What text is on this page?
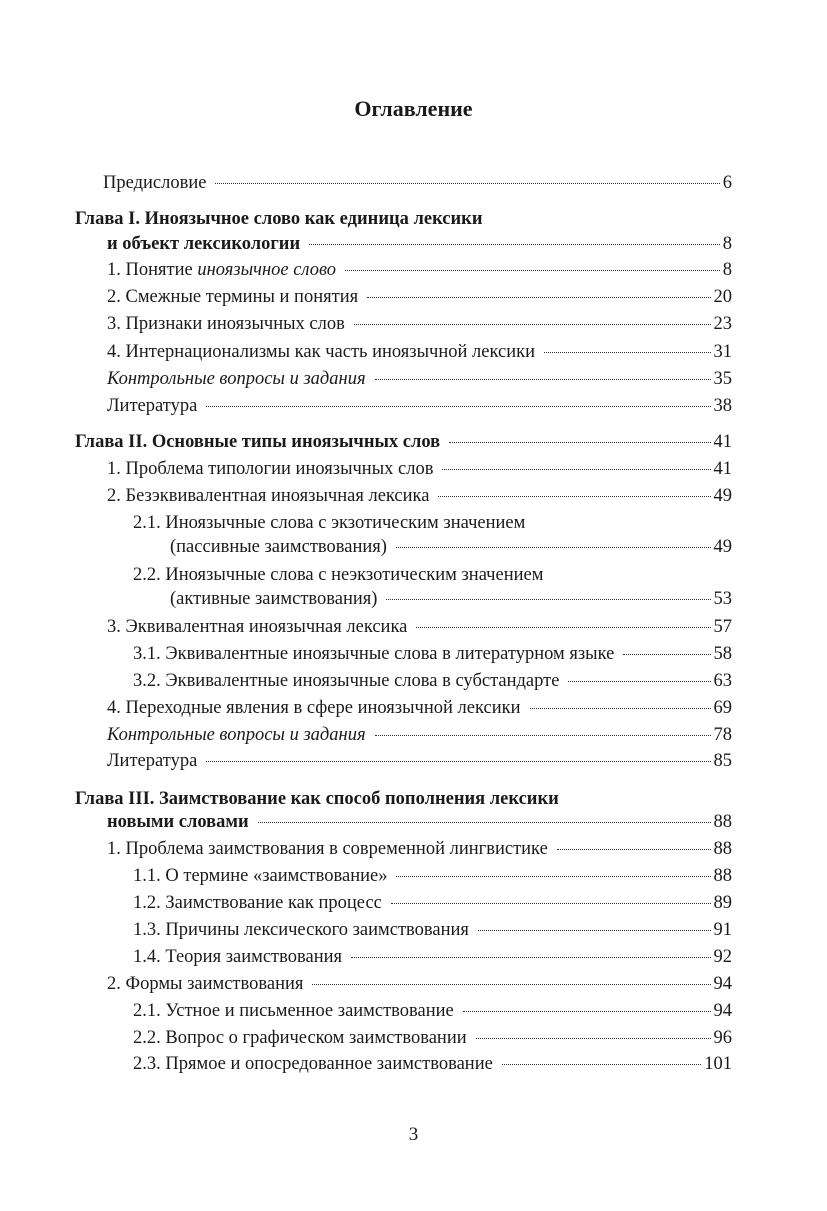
Оглавление
Предисловие	6
Глава I. Иноязычное слово как единица лексики
и объект лексикологии	8
1. Понятие иноязычное слово	8
2. Смежные термины и понятия	20
3. Признаки иноязычных слов	23
4. Интернационализмы как часть иноязычной лексики	31
Контрольные вопросы и задания	35
Литература	38
Глава II. Основные типы иноязычных слов	41
1. Проблема типологии иноязычных слов	41
2. Безэквивалентная иноязычная лексика	49
2.1. Иноязычные слова с экзотическим значением
(пассивные заимствования)	49
2.2. Иноязычные слова с неэкзотическим значением
(активные заимствования)	53
3. Эквивалентная иноязычная лексика	57
3.1. Эквивалентные иноязычные слова в литературном языке	58
3.2. Эквивалентные иноязычные слова в субстандарте	63
4. Переходные явления в сфере иноязычной лексики	69
Контрольные вопросы и задания	78
Литература	85
Глава III. Заимствование как способ пополнения лексики
новыми словами	88
1. Проблема заимствования в современной лингвистике	88
1.1. О термине «заимствование»	88
1.2. Заимствование как процесс	89
1.3. Причины лексического заимствования	91
1.4. Теория заимствования	92
2. Формы заимствования	94
2.1. Устное и письменное заимствование	94
2.2. Вопрос о графическом заимствовании	96
2.3. Прямое и опосредованное заимствование	101
3
